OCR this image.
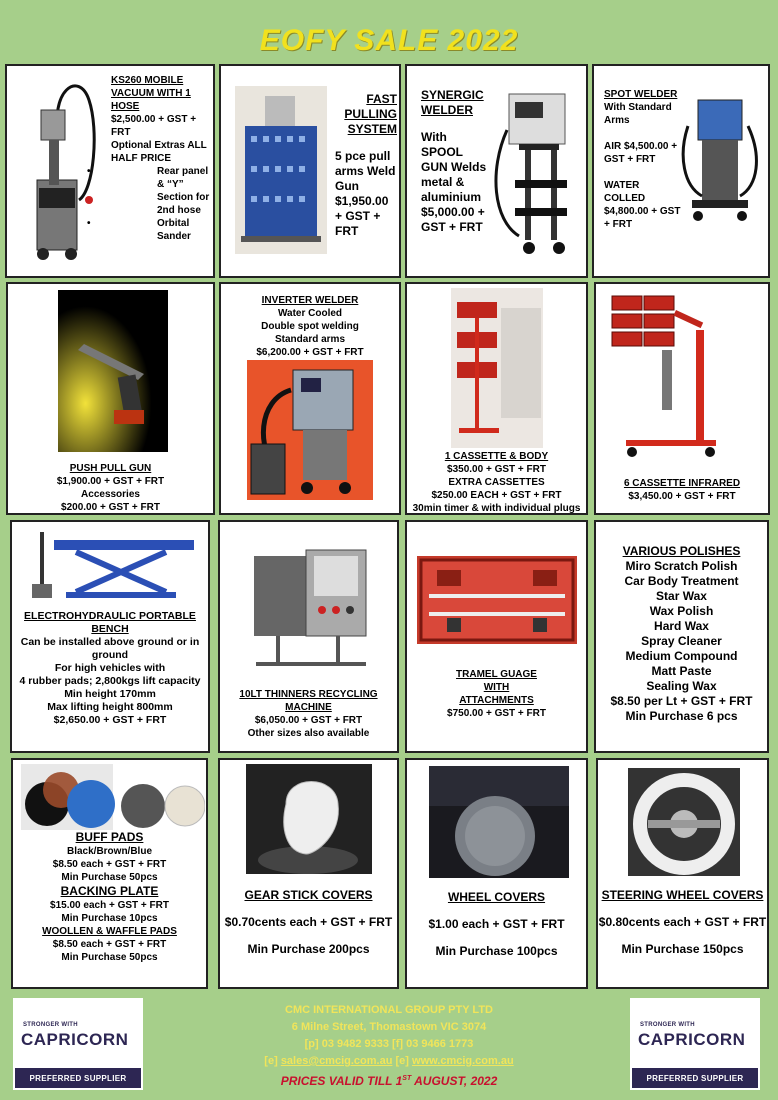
EOFY SALE 2022
KS260 MOBILE VACUUM WITH 1 HOSE
$2,500.00 + GST + FRT
Optional Extras ALL HALF PRICE
• Rear panel & “Y” Section for 2nd hose
• Orbital Sander
FAST PULLING SYSTEM
5 pce pull arms Weld Gun $1,950.00 + GST + FRT
SYNERGIC WELDER
With SPOOL GUN Welds metal & aluminium $5,000.00 + GST + FRT
SPOT WELDER
With Standard Arms
AIR $4,500.00 + GST + FRT
WATER COLLED $4,800.00 + GST + FRT
PUSH PULL GUN
$1,900.00 + GST + FRT
Accessories
$200.00 + GST + FRT
INVERTER WELDER
Water Cooled
Double spot welding
Standard arms
$6,200.00 + GST + FRT
1 CASSETTE & BODY
$350.00 + GST + FRT
EXTRA CASSETTES
$250.00 EACH + GST + FRT
30min timer & with individual plugs
6 CASSETTE INFRARED
$3,450.00 + GST + FRT
ELECTROHYDRAULIC PORTABLE BENCH
Can be installed above ground or in ground
For high vehicles with
4 rubber pads; 2,800kgs lift capacity
Min height 170mm
Max lifting height 800mm
$2,650.00 + GST + FRT
10LT THINNERS RECYCLING MACHINE
$6,050.00 + GST + FRT
Other sizes also available
TRAMEL GUAGE WITH ATTACHMENTS
$750.00 + GST + FRT
VARIOUS POLISHES
Miro Scratch Polish
Car Body Treatment
Star Wax
Wax Polish
Hard Wax
Spray Cleaner
Medium Compound
Matt Paste
Sealing Wax
$8.50 per Lt + GST + FRT
Min Purchase 6 pcs
BUFF PADS
Black/Brown/Blue
$8.50 each + GST + FRT
Min Purchase 50pcs
BACKING PLATE
$15.00 each + GST + FRT
Min Purchase 10pcs
WOOLLEN & WAFFLE PADS
$8.50 each + GST + FRT
Min Purchase 50pcs
GEAR STICK COVERS
$0.70cents each + GST + FRT
Min Purchase 200pcs
WHEEL COVERS
$1.00 each + GST + FRT
Min Purchase 100pcs
STEERING WHEEL COVERS
$0.80cents each + GST + FRT
Min Purchase 150pcs
STRONGER WITH
CAPRICORN
PREFERRED SUPPLIER
CMC INTERNATIONAL GROUP PTY LTD
6 Milne Street, Thomastown VIC 3074
[p] 03 9482 9333 [f] 03 9466 1773
[e] sales@cmcig.com.au [e] www.cmcig.com.au
PRICES VALID TILL 1ST AUGUST, 2022
STRONGER WITH
CAPRICORN
PREFERRED SUPPLIER
